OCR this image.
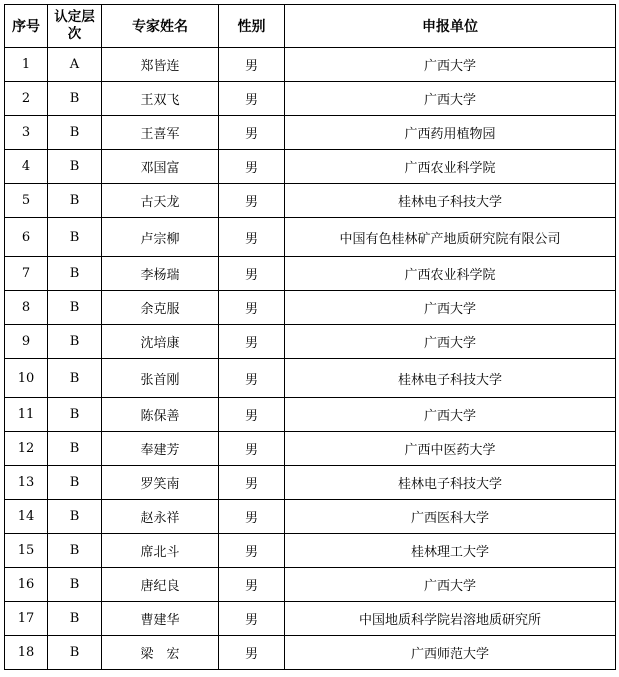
序号	认定层次	专家姓名	性别	申报单位
1	A	郑皆连	男	广西大学
2	B	王双飞	男	广西大学
3	B	王喜军	男	广西药用植物园
4	B	邓国富	男	广西农业科学院
5	B	古天龙	男	桂林电子科技大学
6	B	卢宗柳	男	中国有色桂林矿产地质研究院有限公司
7	B	李杨瑞	男	广西农业科学院
8	B	余克服	男	广西大学
9	B	沈培康	男	广西大学
10	B	张首刚	男	桂林电子科技大学
11	B	陈保善	男	广西大学
12	B	奉建芳	男	广西中医药大学
13	B	罗笑南	男	桂林电子科技大学
14	B	赵永祥	男	广西医科大学
15	B	席北斗	男	桂林理工大学
16	B	唐纪良	男	广西大学
17	B	曹建华	男	中国地质科学院岩溶地质研究所
18	B	梁　宏	男	广西师范大学
